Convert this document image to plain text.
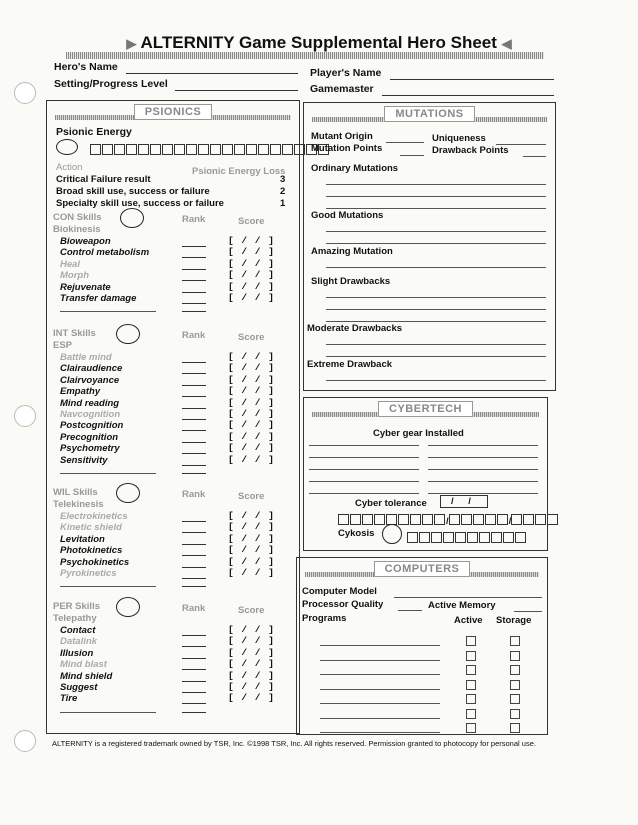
▶ ALTERNITY Game Supplemental Hero Sheet ◀
Hero's Name
Setting/Progress Level
Player's Name
Gamemaster
PSIONICS
Psionic Energy
Action	Psionic Energy Loss
MUTATIONS
Mutant Origin	Uniqueness
Mutation Points	Drawback Points
Ordinary Mutations
Good Mutations
Amazing Mutation
Slight Drawbacks
Moderate Drawbacks
Extreme Drawback
CYBERTECH
Cyber gear Installed
Cyber tolerance	/ /
/	/
Cykosis
COMPUTERS
Computer Model
Processor Quality	Active Memory
Programs	Active Storage
ALTERNITY is a registered trademark owned by TSR, Inc. ©1998 TSR, Inc. All rights reserved. Permission granted to photocopy for personal use.
Critical Failure result	3
Broad skill use, success or failure	2
Specialty skill use, success or failure	1
CON Skills	Rank	Score
Biokinesis
Bioweapon	[ / / ]
Control metabolism	[ / / ]
Heal	[ / / ]
Morph	[ / / ]
Rejuvenate	[ / / ]
Transfer damage	[ / / ]
INT Skills	Rank	Score
ESP
Battle mind	[ / / ]
Clairaudience	[ / / ]
Clairvoyance	[ / / ]
Empathy	[ / / ]
Mind reading	[ / / ]
Navcognition	[ / / ]
Postcognition	[ / / ]
Precognition	[ / / ]
Psychometry	[ / / ]
Sensitivity	[ / / ]
WIL Skills	Rank	Score
Telekinesis
Electrokinetics	[ / / ]
Kinetic shield	[ / / ]
Levitation	[ / / ]
Photokinetics	[ / / ]
Psychokinetics	[ / / ]
Pyrokinetics	[ / / ]
PER Skills	Rank	Score
Telepathy
Contact	[ / / ]
Datalink	[ / / ]
Illusion	[ / / ]
Mind blast	[ / / ]
Mind shield	[ / / ]
Suggest	[ / / ]
Tire	[ / / ]
